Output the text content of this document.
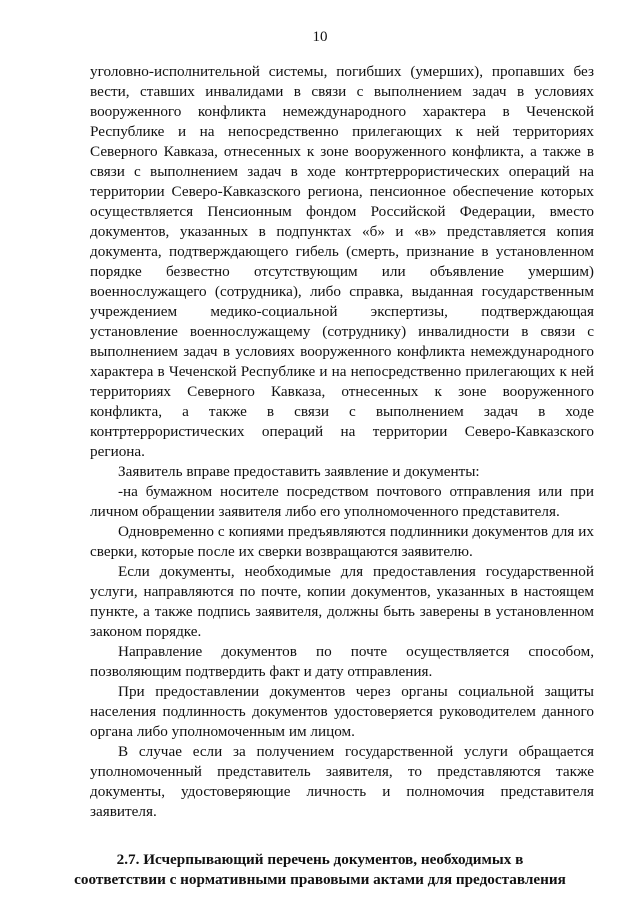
10
уголовно-исполнительной системы, погибших (умерших), пропавших без
вести, ставших инвалидами в связи с выполнением задач в условиях
вооруженного конфликта немеждународного характера в Чеченской
Республике и на непосредственно прилегающих к ней территориях
Северного Кавказа, отнесенных к зоне вооруженного конфликта, а также в
связи с выполнением задач в ходе контртеррористических операций на
территории Северо-Кавказского региона, пенсионное обеспечение которых
осуществляется Пенсионным фондом Российской Федерации, вместо
документов, указанных в подпунктах «б» и «в» представляется копия
документа, подтверждающего гибель (смерть, признание в установленном
порядке безвестно отсутствующим или объявление умершим)
военнослужащего (сотрудника), либо справка, выданная государственным
учреждением медико-социальной экспертизы, подтверждающая
установление военнослужащему (сотруднику) инвалидности в связи с
выполнением задач в условиях вооруженного конфликта немеждународного
характера в Чеченской Республике и на непосредственно прилегающих к ней
территориях Северного Кавказа, отнесенных к зоне вооруженного
конфликта, а также в связи с выполнением задач в ходе
контртеррористических операций на территории Северо-Кавказского
региона.
Заявитель вправе предоставить заявление и документы:
-на бумажном носителе посредством почтового отправления или при
личном обращении заявителя либо его уполномоченного представителя.
Одновременно с копиями предъявляются подлинники документов для их
сверки, которые после их сверки возвращаются заявителю.
Если документы, необходимые для предоставления государственной
услуги, направляются по почте, копии документов, указанных в настоящем
пункте, а также подпись заявителя, должны быть заверены в установленном
законом порядке.
Направление документов по почте осуществляется способом,
позволяющим подтвердить факт и дату отправления.
При предоставлении документов через органы социальной защиты
населения подлинность документов удостоверяется руководителем данного
органа либо уполномоченным им лицом.
В случае если за получением государственной услуги обращается
уполномоченный представитель заявителя, то представляются также
документы, удостоверяющие личность и полномочия представителя
заявителя.
2.7. Исчерпывающий перечень документов, необходимых в
соответствии с нормативными правовыми актами для предоставления
